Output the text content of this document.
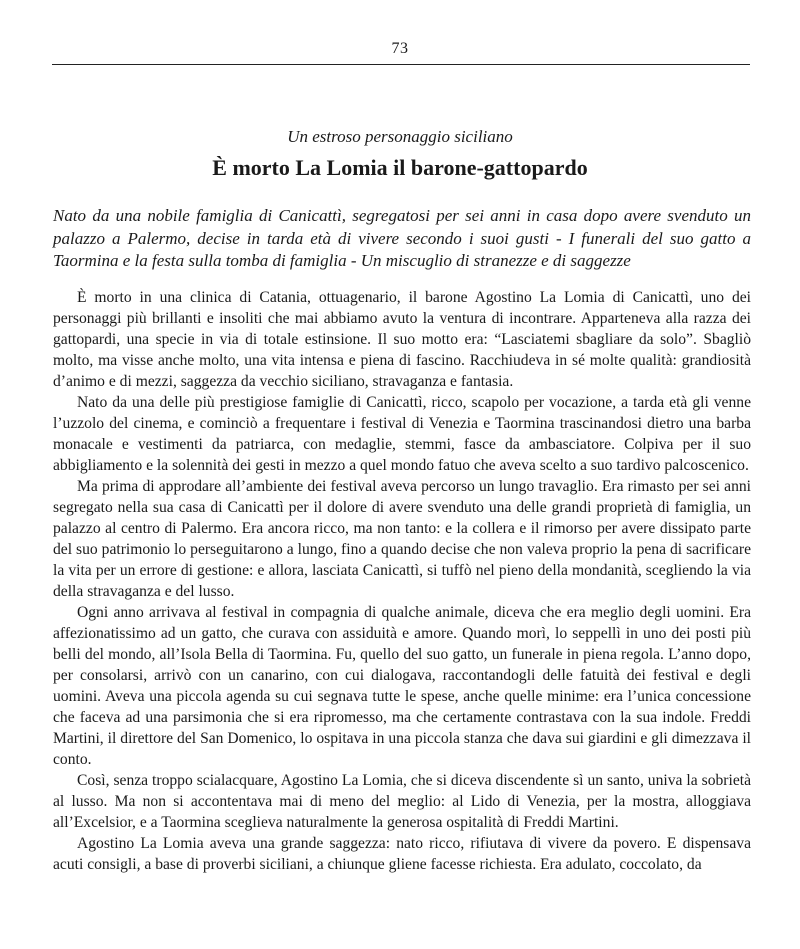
73
Un estroso personaggio siciliano
È morto La Lomia il barone-gattopardo
Nato da una nobile famiglia di Canicattì, segregatosi per sei anni in casa dopo avere svenduto un palazzo a Palermo, decise in tarda età di vivere secondo i suoi gusti - I funerali del suo gatto a Taormina e la festa sulla tomba di famiglia - Un miscuglio di stranezze e di saggezze

È morto in una clinica di Catania, ottuagenario, il barone Agostino La Lomia di Canicattì, uno dei personaggi più brillanti e insoliti che mai abbiamo avuto la ventura di incontrare. Apparteneva alla razza dei gattopardi, una specie in via di totale estinsione. Il suo motto era: “Lasciatemi sbagliare da solo”. Sbagliò molto, ma visse anche molto, una vita intensa e piena di fascino. Racchiudeva in sé molte qualità: grandiosità d’animo e di mezzi, saggezza da vecchio siciliano, stravaganza e fantasia.

Nato da una delle più prestigiose famiglie di Canicattì, ricco, scapolo per vocazione, a tarda età gli venne l’uzzolo del cinema, e cominciò a frequentare i festival di Venezia e Taormina trascinandosi dietro una barba monacale e vestimenti da patriarca, con medaglie, stemmi, fasce da ambasciatore. Colpiva per il suo abbigliamento e la solennità dei gesti in mezzo a quel mondo fatuo che aveva scelto a suo tardivo palcoscenico.

Ma prima di approdare all’ambiente dei festival aveva percorso un lungo travaglio. Era rimasto per sei anni segregato nella sua casa di Canicattì per il dolore di avere svenduto una delle grandi proprietà di famiglia, un palazzo al centro di Palermo. Era ancora ricco, ma non tanto: e la collera e il rimorso per avere dissipato parte del suo patrimonio lo perseguitarono a lungo, fino a quando decise che non valeva proprio la pena di sacrificare la vita per un errore di gestione: e allora, lasciata Canicattì, si tuffò nel pieno della mondanità, scegliendo la via della stravaganza e del lusso.

Ogni anno arrivava al festival in compagnia di qualche animale, diceva che era meglio degli uomini. Era affezionatissimo ad un gatto, che curava con assiduità e amore. Quando morì, lo seppellì in uno dei posti più belli del mondo, all’Isola Bella di Taormina. Fu, quello del suo gatto, un funerale in piena regola. L’anno dopo, per consolarsi, arrivò con un canarino, con cui dialogava, raccontandogli delle fatuità dei festival e degli uomini. Aveva una piccola agenda su cui segnava tutte le spese, anche quelle minime: era l’unica concessione che faceva ad una parsimonia che si era ripromesso, ma che certamente contrastava con la sua indole. Freddi Martini, il direttore del San Domenico, lo ospitava in una piccola stanza che dava sui giardini e gli dimezzava il conto.

Così, senza troppo scialacquare, Agostino La Lomia, che si diceva discendente sì un santo, univa la sobrietà al lusso. Ma non si accontentava mai di meno del meglio: al Lido di Venezia, per la mostra, alloggiava all’Excelsior, e a Taormina sceglieva naturalmente la generosa ospitalità di Freddi Martini.

Agostino La Lomia aveva una grande saggezza: nato ricco, rifiutava di vivere da povero. E dispensava acuti consigli, a base di proverbi siciliani, a chiunque gliene facesse richiesta. Era adulato, coccolato, da
